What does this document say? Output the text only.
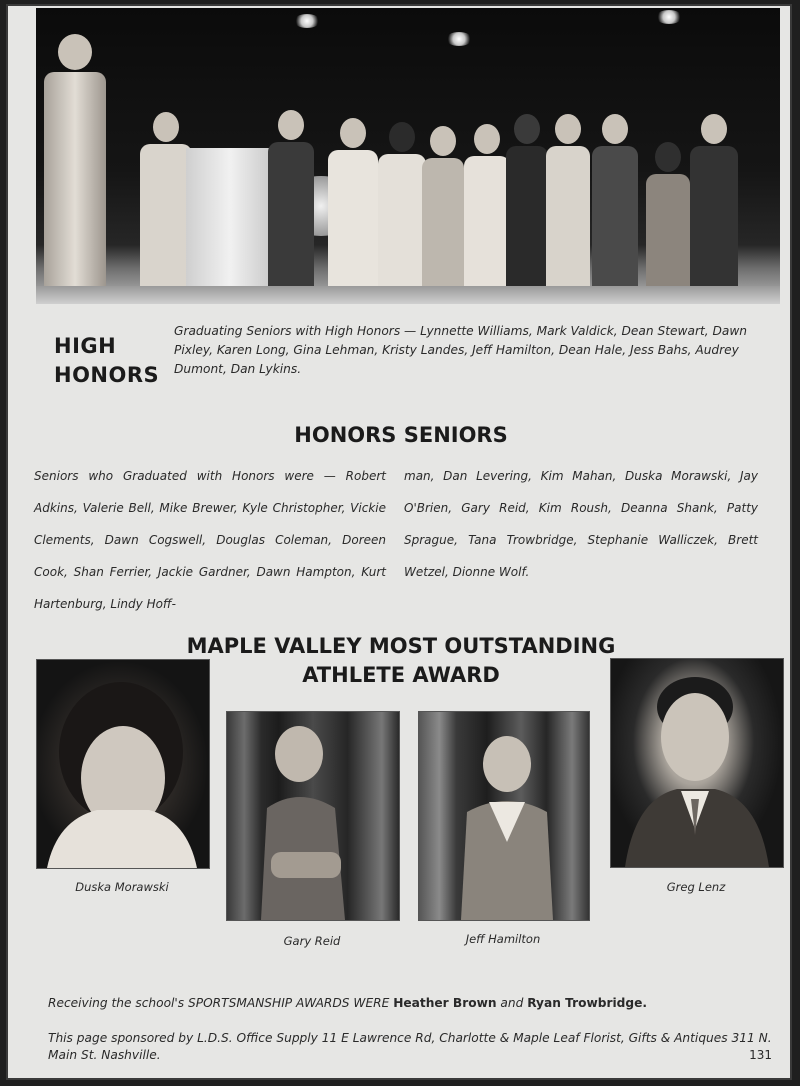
HIGH
HONORS
Graduating Seniors with High Honors — Lynnette Williams, Mark Valdick, Dean Stewart, Dawn Pixley, Karen Long, Gina Lehman, Kristy Landes, Jeff Hamilton, Dean Hale, Jess Bahs, Audrey Dumont, Dan Lykins.
HONORS SENIORS
Seniors who Graduated with Honors were — Robert Adkins, Valerie Bell, Mike Brewer, Kyle Christopher, Vickie Clements, Dawn Cogswell, Douglas Coleman, Doreen Cook, Shan Ferrier, Jackie Gardner, Dawn Hampton, Kurt Hartenburg, Lindy Hoff-
man, Dan Levering, Kim Mahan, Duska Morawski, Jay O'Brien, Gary Reid, Kim Roush, Deanna Shank, Patty Sprague, Tana Trowbridge, Stephanie Walliczek, Brett Wetzel, Dionne Wolf.
MAPLE VALLEY MOST OUTSTANDING
ATHLETE AWARD
Duska Morawski
Gary Reid	Jeff Hamilton
Greg Lenz
Receiving the school's SPORTSMANSHIP AWARDS WERE Heather Brown and Ryan Trowbridge.
This page sponsored by L.D.S. Office Supply 11 E Lawrence Rd, Charlotte & Maple Leaf Florist, Gifts & Antiques 311 N. Main St. Nashville.	131
